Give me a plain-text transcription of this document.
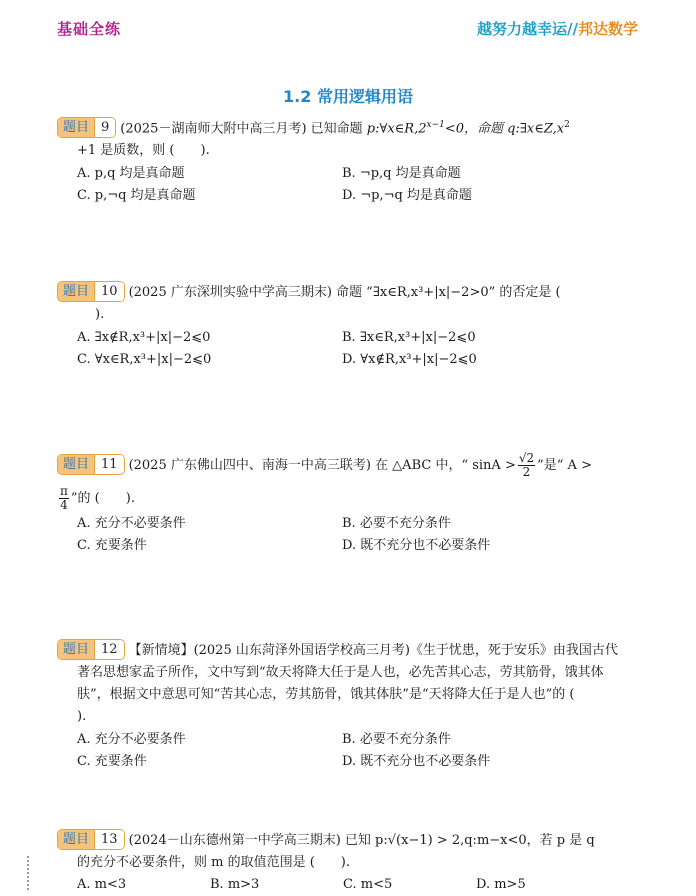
基础全练	越努力越幸运//邦达数学
1.2 常用逻辑用语

题目 9 (2025－湖南师大附中高三月考) 已知命题 $p:\forall x\in R,2^{x-1}<0$，命题 $q:\exists x\in Z,x^2$
+1 是质数，则 (　　).

A. p,q 均是真命题	B. ¬p,q 均是真命题
C. p,¬q 均是真命题	D. ¬p,¬q 均是真命题

题目 10 (2025 广东深圳实验中学高三期末) 命题 “∃x∈R,x³+|x|−2>0” 的否定是 (
).

A. ∃x∉R,x³+|x|−2⩽0	B. ∃x∈R,x³+|x|−2⩽0
C. ∀x∈R,x³+|x|−2⩽0	D. ∀x∉R,x³+|x|−2⩽0

题目 11 (2025 广东佛山四中、南海一中高三联考) 在 △ABC 中，“ $\sin A > \frac{√2}{2}$ ”是“ A >

$\frac{\pi}{4}$ ”的 (　　).

A. 充分不必要条件	B. 必要不充分条件
C. 充要条件	D. 既不充分也不必要条件

题目 12 【新情境】(2025 山东菏泽外国语学校高三月考)《生于忧患，死于安乐》由我国古代
著名思想家孟子所作，文中写到“故天将降大任于是人也，必先苦其心志，劳其筋骨，饿其体
肤”，根据文中意思可知“苦其心志，劳其筋骨，饿其体肤”是“天将降大任于是人也”的 (
).

A. 充分不必要条件	B. 必要不充分条件
C. 充要条件	D. 既不充分也不必要条件

题目 13 (2024－山东德州第一中学高三期末) 已知 p:√(x−1) > 2,q:m−x<0，若 p 是 q
的充分不必要条件，则 m 的取值范围是 (　　).

A. m<3	B. m>3	C. m<5	D. m>5
